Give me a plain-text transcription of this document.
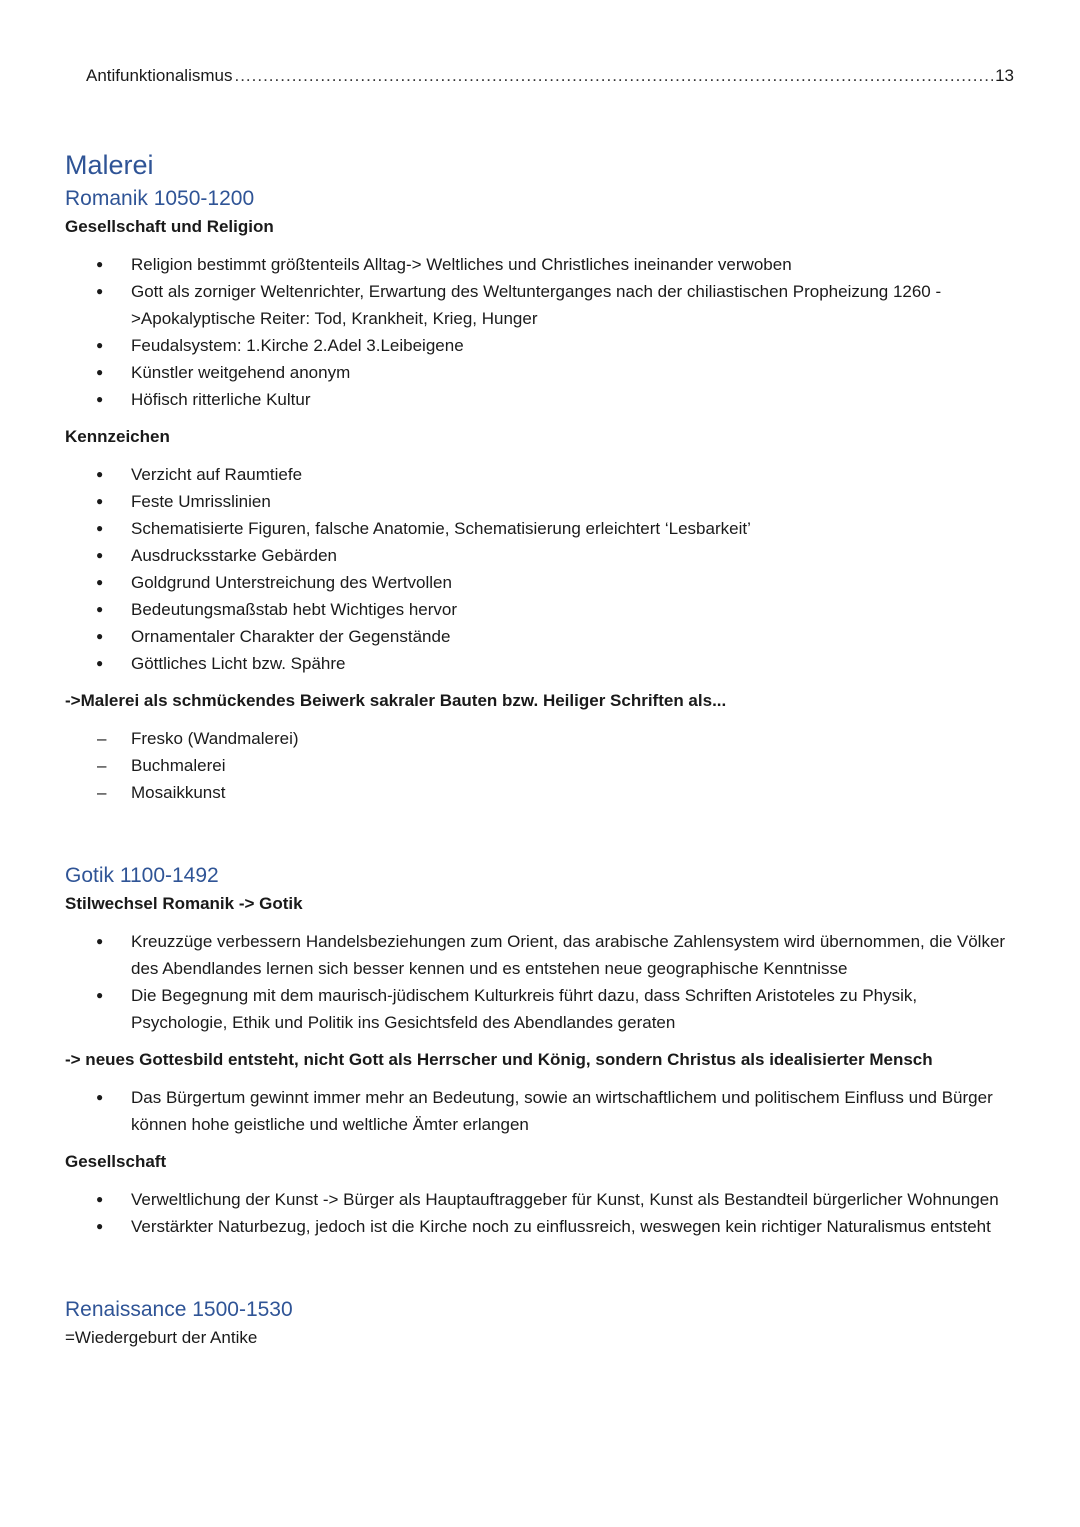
Antifunktionalismus
.....	13
Malerei
Romanik 1050-1200

Gesellschaft und Religion

● Religion bestimmt größtenteils Alltag-> Weltliches und Christliches ineinander verwoben
● Gott als zorniger Weltenrichter, Erwartung des Weltunterganges nach der chiliastischen Propheizung 1260 ->Apokalyptische Reiter: Tod, Krankheit, Krieg, Hunger
● Feudalsystem: 1.Kirche 2.Adel 3.Leibeigene
● Künstler weitgehend anonym
● Höfisch ritterliche Kultur

Kennzeichen

● Verzicht auf Raumtiefe
● Feste Umrisslinien
● Schematisierte Figuren, falsche Anatomie, Schematisierung erleichtert ‘Lesbarkeit’
● Ausdrucksstarke Gebärden
● Goldgrund Unterstreichung des Wertvollen
● Bedeutungsmaßstab hebt Wichtiges hervor
● Ornamentaler Charakter der Gegenstände
● Göttliches Licht bzw. Spähre

->Malerei als schmückendes Beiwerk sakraler Bauten bzw. Heiliger Schriften als...

– Fresko (Wandmalerei)
– Buchmalerei
– Mosaikkunst
Gotik 1100-1492

Stilwechsel Romanik -> Gotik

● Kreuzzüge verbessern Handelsbeziehungen zum Orient, das arabische Zahlensystem wird übernommen, die Völker des Abendlandes lernen sich besser kennen und es entstehen neue geographische Kenntnisse
● Die Begegnung mit dem maurisch-jüdischem Kulturkreis führt dazu, dass Schriften Aristoteles zu Physik, Psychologie, Ethik und Politik ins Gesichtsfeld des Abendlandes geraten

-> neues Gottesbild entsteht, nicht Gott als Herrscher und König, sondern Christus als idealisierter Mensch

● Das Bürgertum gewinnt immer mehr an Bedeutung, sowie an wirtschaftlichem und politischem Einfluss und Bürger können hohe geistliche und weltliche Ämter erlangen

Gesellschaft

● Verweltlichung der Kunst -> Bürger als Hauptauftraggeber für Kunst, Kunst als Bestandteil bürgerlicher Wohnungen
● Verstärkter Naturbezug, jedoch ist die Kirche noch zu einflussreich, weswegen kein richtiger Naturalismus entsteht
Renaissance 1500-1530

=Wiedergeburt der Antike
